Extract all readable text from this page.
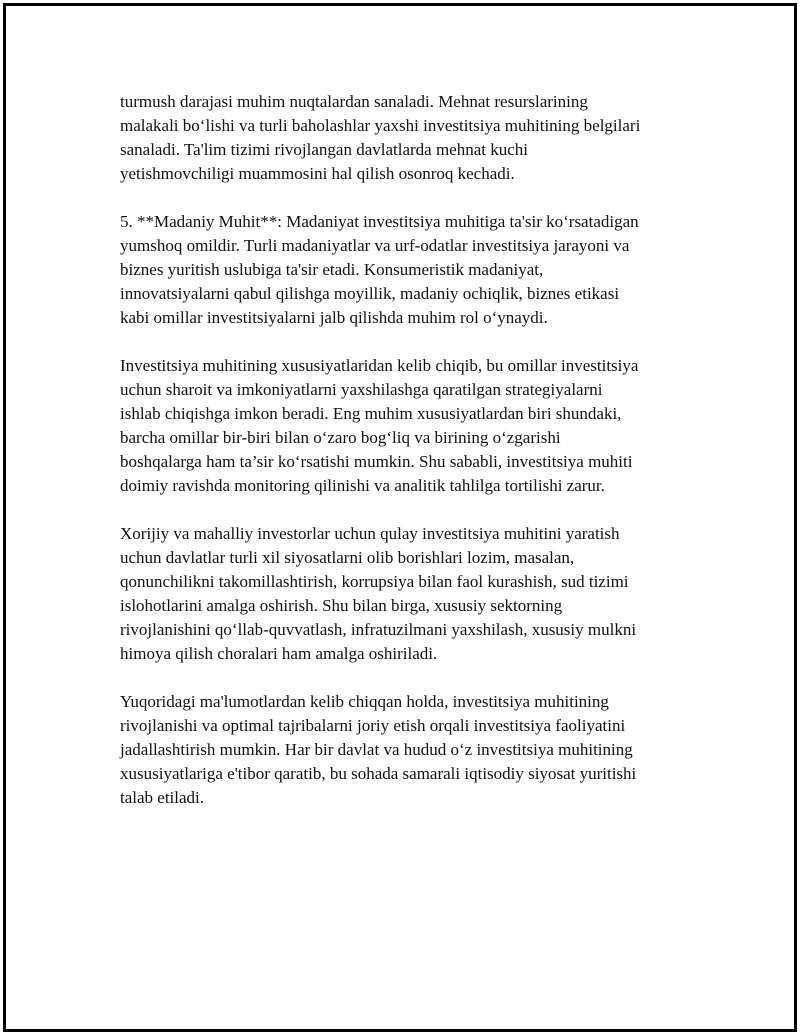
turmush darajasi muhim nuqtalardan sanaladi. Mehnat resurslarining
malakali bo‘lishi va turli baholashlar yaxshi investitsiya muhitining belgilari
sanaladi. Ta'lim tizimi rivojlangan davlatlarda mehnat kuchi
yetishmovchiligi muammosini hal qilish osonroq kechadi.

5. **Madaniy Muhit**: Madaniyat investitsiya muhitiga ta'sir ko‘rsatadigan
yumshoq omildir. Turli madaniyatlar va urf-odatlar investitsiya jarayoni va
biznes yuritish uslubiga ta'sir etadi. Konsumeristik madaniyat,
innovatsiyalarni qabul qilishga moyillik, madaniy ochiqlik, biznes etikasi
kabi omillar investitsiyalarni jalb qilishda muhim rol o‘ynaydi.

Investitsiya muhitining xususiyatlaridan kelib chiqib, bu omillar investitsiya
uchun sharoit va imkoniyatlarni yaxshilashga qaratilgan strategiyalarni
ishlab chiqishga imkon beradi. Eng muhim xususiyatlardan biri shundaki,
barcha omillar bir-biri bilan o‘zaro bog‘liq va birining o‘zgarishi
boshqalarga ham ta’sir ko‘rsatishi mumkin. Shu sababli, investitsiya muhiti
doimiy ravishda monitoring qilinishi va analitik tahlilga tortilishi zarur.

Xorijiy va mahalliy investorlar uchun qulay investitsiya muhitini yaratish
uchun davlatlar turli xil siyosatlarni olib borishlari lozim, masalan,
qonunchilikni takomillashtirish, korrupsiya bilan faol kurashish, sud tizimi
islohotlarini amalga oshirish. Shu bilan birga, xususiy sektorning
rivojlanishini qo‘llab-quvvatlash, infratuzilmani yaxshilash, xususiy mulkni
himoya qilish choralari ham amalga oshiriladi.

Yuqoridagi ma'lumotlardan kelib chiqqan holda, investitsiya muhitining
rivojlanishi va optimal tajribalarni joriy etish orqali investitsiya faoliyatini
jadallashtirish mumkin. Har bir davlat va hudud o‘z investitsiya muhitining
xususiyatlariga e'tibor qaratib, bu sohada samarali iqtisodiy siyosat yuritishi
talab etiladi.
